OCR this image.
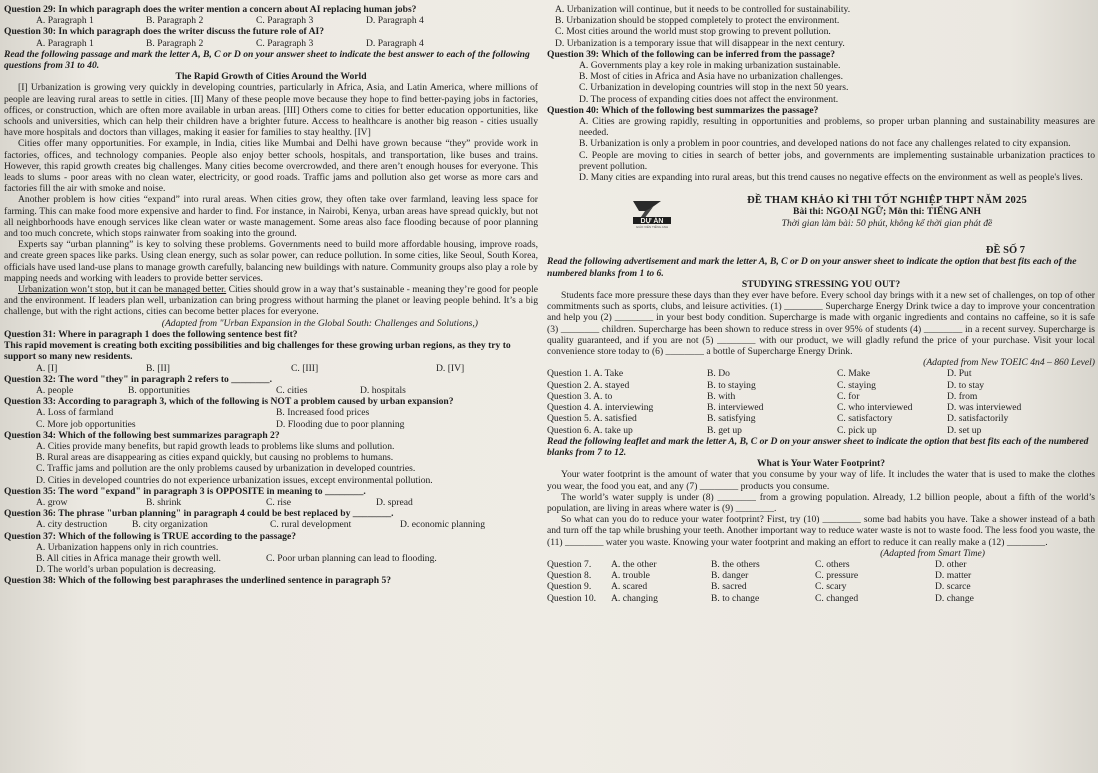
Question 29: In which paragraph does the writer mention a concern about AI replacing human jobs?

A. Paragraph 1	B. Paragraph 2	C. Paragraph 3	D. Paragraph 4

Question 30: In which paragraph does the writer discuss the future role of AI?

A. Paragraph 1	B. Paragraph 2	C. Paragraph 3	D. Paragraph 4

Read the following passage and mark the letter A, B, C or D on your answer sheet to indicate the best answer to each of the following questions from 31 to 40.

The Rapid Growth of Cities Around the World

[I] Urbanization is growing very quickly in developing countries, particularly in Africa, Asia, and Latin America, where millions of people are leaving rural areas to settle in cities. [II] Many of these people move because they hope to find better-paying jobs in factories, offices, or construction, which are often more available in urban areas. [III] Others come to cities for better education opportunities, like schools and universities, which can help their children have a brighter future. Access to healthcare is another big reason - cities usually have more hospitals and doctors than villages, making it easier for families to stay healthy. [IV]

Cities offer many opportunities. For example, in India, cities like Mumbai and Delhi have grown because “they” provide work in factories, offices, and technology companies. People also enjoy better schools, hospitals, and transportation, like buses and trains. However, this rapid growth creates big challenges. Many cities become overcrowded, and there aren’t enough houses for everyone. This leads to slums - poor areas with no clean water, electricity, or good roads. Traffic jams and pollution also get worse as more cars and factories fill the air with smoke and noise.

Another problem is how cities “expand” into rural areas. When cities grow, they often take over farmland, leaving less space for farming. This can make food more expensive and harder to find. For instance, in Nairobi, Kenya, urban areas have spread quickly, but not all neighborhoods have enough services like clean water or waste management. Some areas also face flooding because of poor planning and too much concrete, which stops rainwater from soaking into the ground.

Experts say “urban planning” is key to solving these problems. Governments need to build more affordable housing, improve roads, and create green spaces like parks. Using clean energy, such as solar power, can reduce pollution. In some cities, like Seoul, South Korea, officials have used land-use plans to manage growth carefully, balancing new buildings with nature. Community groups also play a role by mapping needs and working with leaders to provide better services.

Urbanization won’t stop, but it can be managed better. Cities should grow in a way that’s sustainable - meaning they’re good for people and the environment. If leaders plan well, urbanization can bring progress without harming the planet or leaving people behind. It’s a big challenge, but with the right actions, cities can become better places for everyone.

(Adapted from "Urban Expansion in the Global South: Challenges and Solutions,)

Question 31: Where in paragraph 1 does the following sentence best fit?

This rapid movement is creating both exciting possibilities and big challenges for these growing urban regions, as they try to support so many new residents.

A. [I]	B. [II]	C. [III]	D. [IV]

Question 32: The word "they" in paragraph 2 refers to ________.

A. people	B. opportunities	C. cities	D. hospitals

Question 33: According to paragraph 3, which of the following is NOT a problem caused by urban expansion?

A. Loss of farmland	B. Increased food prices
C. More job opportunities	D. Flooding due to poor planning

Question 34: Which of the following best summarizes paragraph 2?

A. Cities provide many benefits, but rapid growth leads to problems like slums and pollution.

B. Rural areas are disappearing as cities expand quickly, but causing no problems to humans.

C. Traffic jams and pollution are the only problems caused by urbanization in developed countries.

D. Cities in developed countries do not experience urbanization issues, except environmental pollution.

Question 35: The word "expand" in paragraph 3 is OPPOSITE in meaning to ________.

A. grow	B. shrink	C. rise	D. spread

Question 36: The phrase "urban planning" in paragraph 4 could be best replaced by ________.

A. city destruction	B. city organization	C. rural development	D. economic planning

Question 37: Which of the following is TRUE according to the passage?

A. Urbanization happens only in rich countries.
B. All cities in Africa manage their growth well.	C. Poor urban planning can lead to flooding.
D. The world’s urban population is decreasing.

Question 38: Which of the following best paraphrases the underlined sentence in paragraph 5?

A. Urbanization will continue, but it needs to be controlled for sustainability.

B. Urbanization should be stopped completely to protect the environment.

C. Most cities around the world must stop growing to prevent pollution.

D. Urbanization is a temporary issue that will disappear in the next century.

Question 39: Which of the following can be inferred from the passage?

A. Governments play a key role in making urbanization sustainable.

B. Most of cities in Africa and Asia have no urbanization challenges.

C. Urbanization in developing countries will stop in the next 50 years.

D. The process of expanding cities does not affect the environment.

Question 40: Which of the following best summarizes the passage?

A. Cities are growing rapidly, resulting in opportunities and problems, so proper urban planning and sustainability measures are needed.

B. Urbanization is only a problem in poor countries, and developed nations do not face any challenges related to city expansion.

C. People are moving to cities in search of better jobs, and governments are implementing sustainable urbanization practices to prevent pollution.

D. Many cities are expanding into rural areas, but this trend causes no negative effects on the environment as well as people's lives.

DỰ ÁN
GIÁO VIÊN TIẾNG ANH

ĐỀ THAM KHẢO KÌ THI TỐT NGHIỆP THPT NĂM 2025

Bài thi: NGOẠI NGỮ; Môn thi: TIẾNG ANH

Thời gian làm bài: 50 phút, không kể thời gian phát đề

ĐỀ SỐ 7

Read the following advertisement and mark the letter A, B, C or D on your answer sheet to indicate the option that best fits each of the numbered blanks from 1 to 6.

STUDYING STRESSING YOU OUT?

Students face more pressure these days than they ever have before. Every school day brings with it a new set of challenges, on top of other commitments such as sports, clubs, and leisure activities. (1) ________ Supercharge Energy Drink twice a day to improve your concentration and help you (2) ________ in your best body condition. Supercharge is made with organic ingredients and contains no caffeine, so it is safe (3) ________ children. Supercharge has been shown to reduce stress in over 95% of students (4) ________ in a recent survey. Supercharge is quality guaranteed, and if you are not (5) ________ with our product, we will gladly refund the price of your purchase. Visit your local convenience store today to (6) ________ a bottle of Supercharge Energy Drink.

(Adapted from New TOEIC 4n4 – 860 Level)

Question 1. A. Take	B. Do	C. Make	D. Put
Question 2. A. stayed	B. to staying	C. staying	D. to stay
Question 3. A. to	B. with	C. for	D. from
Question 4. A. interviewing	B. interviewed	C. who interviewed	D. was interviewed
Question 5. A. satisfied	B. satisfying	C. satisfactory	D. satisfactorily
Question 6. A. take up	B. get up	C. pick up	D. set up

Read the following leaflet and mark the letter A, B, C or D on your answer sheet to indicate the option that best fits each of the numbered blanks from 7 to 12.

What is Your Water Footprint?

Your water footprint is the amount of water that you consume by your way of life. It includes the water that is used to make the clothes you wear, the food you eat, and any (7) ________ products you consume.

The world’s water supply is under (8) ________ from a growing population. Already, 1.2 billion people, about a fifth of the world’s population, are living in areas where water is (9) ________.

So what can you do to reduce your water footprint? First, try (10) ________ some bad habits you have. Take a shower instead of a bath and turn off the tap while brushing your teeth. Another important way to reduce water waste is not to waste food. The less food you waste, the (11) ________ water you waste. Knowing your water footprint and making an effort to reduce it can really make a (12) ________.

(Adapted from Smart Time)

Question 7.	A. the other	B. the others	C. others	D. other
Question 8.	A. trouble	B. danger	C. pressure	D. matter
Question 9.	A. scared	B. sacred	C. scary	D. scarce
Question 10.	A. changing	B. to change	C. changed	D. change
